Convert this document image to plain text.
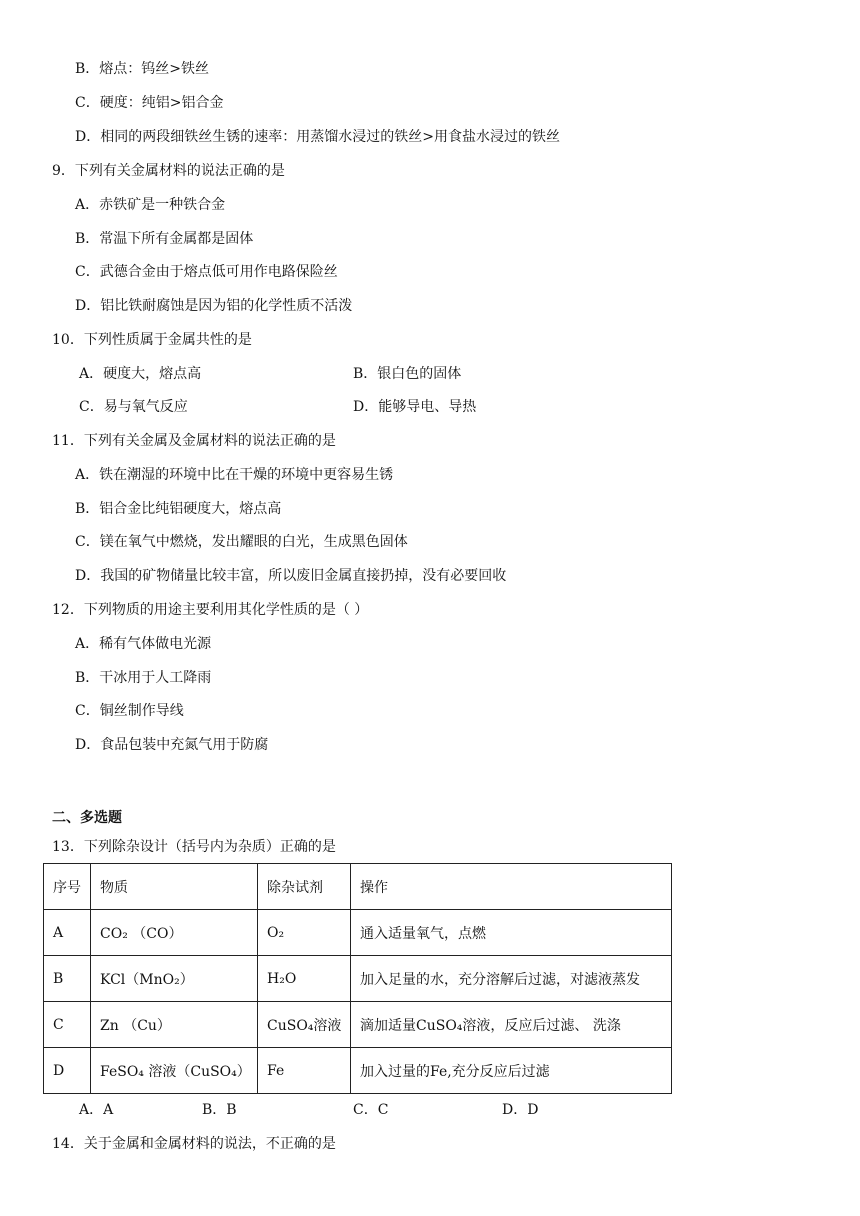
B．熔点：钨丝>铁丝
C．硬度：纯铝>铝合金
D．相同的两段细铁丝生锈的速率：用蒸馏水浸过的铁丝>用食盐水浸过的铁丝
9．下列有关金属材料的说法正确的是
A．赤铁矿是一种铁合金
B．常温下所有金属都是固体
C．武德合金由于熔点低可用作电路保险丝
D．铝比铁耐腐蚀是因为铝的化学性质不活泼
10．下列性质属于金属共性的是
A．硬度大，熔点高	B．银白色的固体
C．易与氧气反应	D．能够导电、导热
11．下列有关金属及金属材料的说法正确的是
A．铁在潮湿的环境中比在干燥的环境中更容易生锈
B．铝合金比纯铝硬度大，熔点高
C．镁在氧气中燃烧，发出耀眼的白光，生成黑色固体
D．我国的矿物储量比较丰富，所以废旧金属直接扔掉，没有必要回收
12．下列物质的用途主要利用其化学性质的是（ ）
A．稀有气体做电光源
B．干冰用于人工降雨
C．铜丝制作导线
D．食品包装中充氮气用于防腐
二、多选题
13．下列除杂设计（括号内为杂质）正确的是
序号	物质	除杂试剂	操作
A	CO₂ （CO）	O₂	通入适量氧气，点燃
B	KCl（MnO₂）	H₂O	加入足量的水，充分溶解后过滤，对滤液蒸发
C	Zn （Cu）	CuSO₄溶液	滴加适量CuSO₄溶液，反应后过滤、 洗涤
D	FeSO₄ 溶液（CuSO₄）	Fe	加入过量的Fe,充分反应后过滤
A．A	B．B	C．C	D．D
14．关于金属和金属材料的说法，不正确的是
